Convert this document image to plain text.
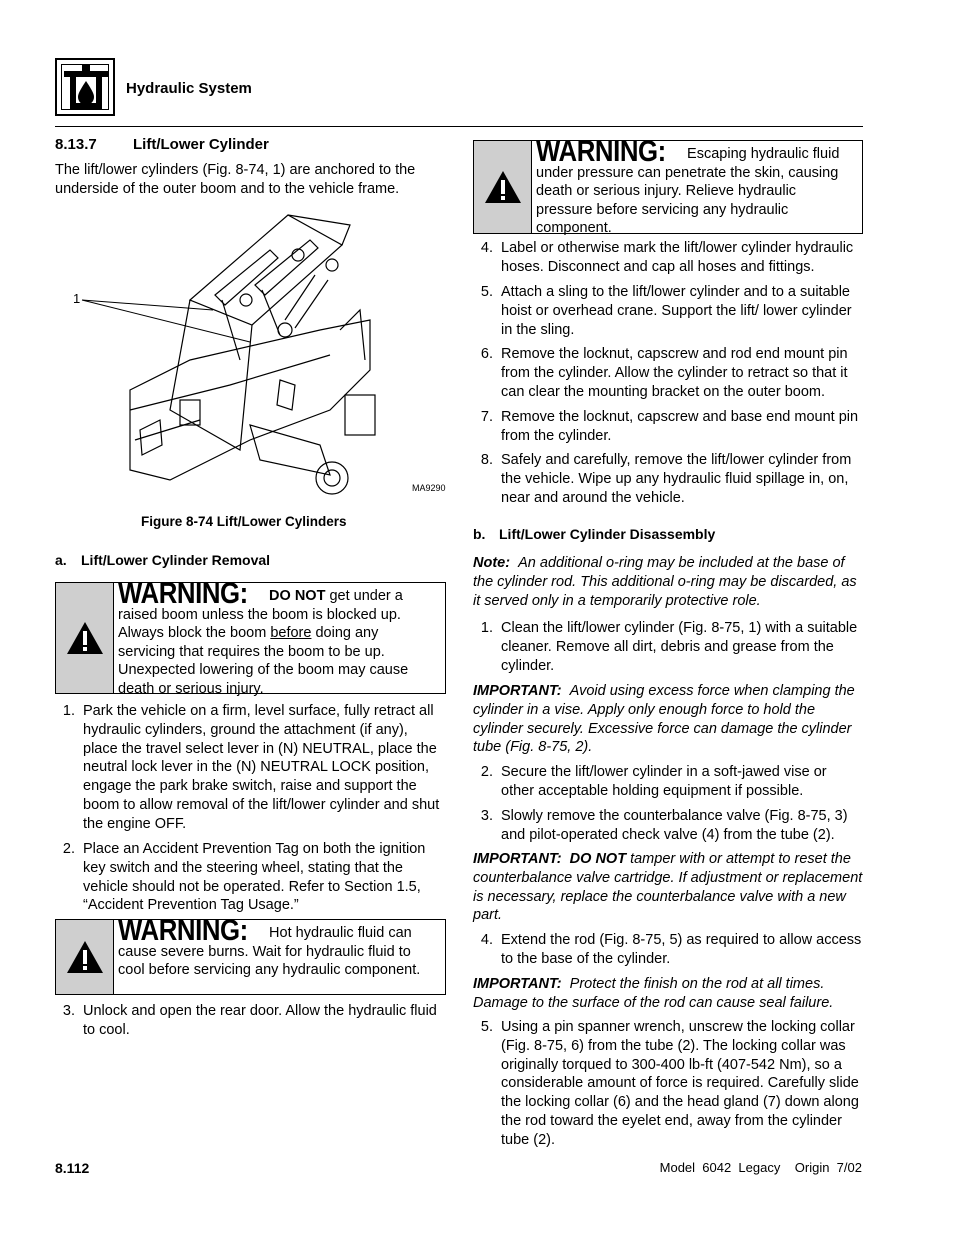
Hydraulic System
8.13.7 Lift/Lower Cylinder
The lift/lower cylinders (Fig. 8-74, 1) are anchored to the underside of the outer boom and to the vehicle frame.
1
MA9290
Figure 8-74 Lift/Lower Cylinders
a. Lift/Lower Cylinder Removal
WARNING: DO NOT get under a raised boom unless the boom is blocked up. Always block the boom before doing any servicing that requires the boom to be up. Unexpected lowering of the boom may cause death or serious injury.
1. Park the vehicle on a firm, level surface, fully retract all hydraulic cylinders, ground the attachment (if any), place the travel select lever in (N) NEUTRAL, place the neutral lock lever in the (N) NEUTRAL LOCK position, engage the park brake switch, raise and support the boom to allow removal of the lift/lower cylinder and shut the engine OFF.
2. Place an Accident Prevention Tag on both the ignition key switch and the steering wheel, stating that the vehicle should not be operated. Refer to Section 1.5, “Accident Prevention Tag Usage.”
WARNING: Hot hydraulic fluid can cause severe burns. Wait for hydraulic fluid to cool before servicing any hydraulic component.
3. Unlock and open the rear door. Allow the hydraulic fluid to cool.
WARNING: Escaping hydraulic fluid under pressure can penetrate the skin, causing death or serious injury. Relieve hydraulic pressure before servicing any hydraulic component.
4. Label or otherwise mark the lift/lower cylinder hydraulic hoses. Disconnect and cap all hoses and fittings.
5. Attach a sling to the lift/lower cylinder and to a suitable hoist or overhead crane. Support the lift/ lower cylinder in the sling.
6. Remove the locknut, capscrew and rod end mount pin from the cylinder. Allow the cylinder to retract so that it can clear the mounting bracket on the outer boom.
7. Remove the locknut, capscrew and base end mount pin from the cylinder.
8. Safely and carefully, remove the lift/lower cylinder from the vehicle. Wipe up any hydraulic fluid spillage in, on, near and around the vehicle.
b. Lift/Lower Cylinder Disassembly
Note: An additional o-ring may be included at the base of the cylinder rod. This additional o-ring may be discarded, as it served only in a temporarily protective role.
1. Clean the lift/lower cylinder (Fig. 8-75, 1) with a suitable cleaner. Remove all dirt, debris and grease from the cylinder.
IMPORTANT: Avoid using excess force when clamping the cylinder in a vise. Apply only enough force to hold the cylinder securely. Excessive force can damage the cylinder tube (Fig. 8-75, 2).
2. Secure the lift/lower cylinder in a soft-jawed vise or other acceptable holding equipment if possible.
3. Slowly remove the counterbalance valve (Fig. 8-75, 3) and pilot-operated check valve (4) from the tube (2).
IMPORTANT: DO NOT tamper with or attempt to reset the counterbalance valve cartridge. If adjustment or replacement is necessary, replace the counterbalance valve with a new part.
4. Extend the rod (Fig. 8-75, 5) as required to allow access to the base of the cylinder.
IMPORTANT: Protect the finish on the rod at all times. Damage to the surface of the rod can cause seal failure.
5. Using a pin spanner wrench, unscrew the locking collar (Fig. 8-75, 6) from the tube (2). The locking collar was originally torqued to 300-400 lb-ft (407-542 Nm), so a considerable amount of force is required. Carefully slide the locking collar (6) and the head gland (7) down along the rod toward the eyelet end, away from the cylinder tube (2).
8.112	Model  6042  Legacy    Origin  7/02
